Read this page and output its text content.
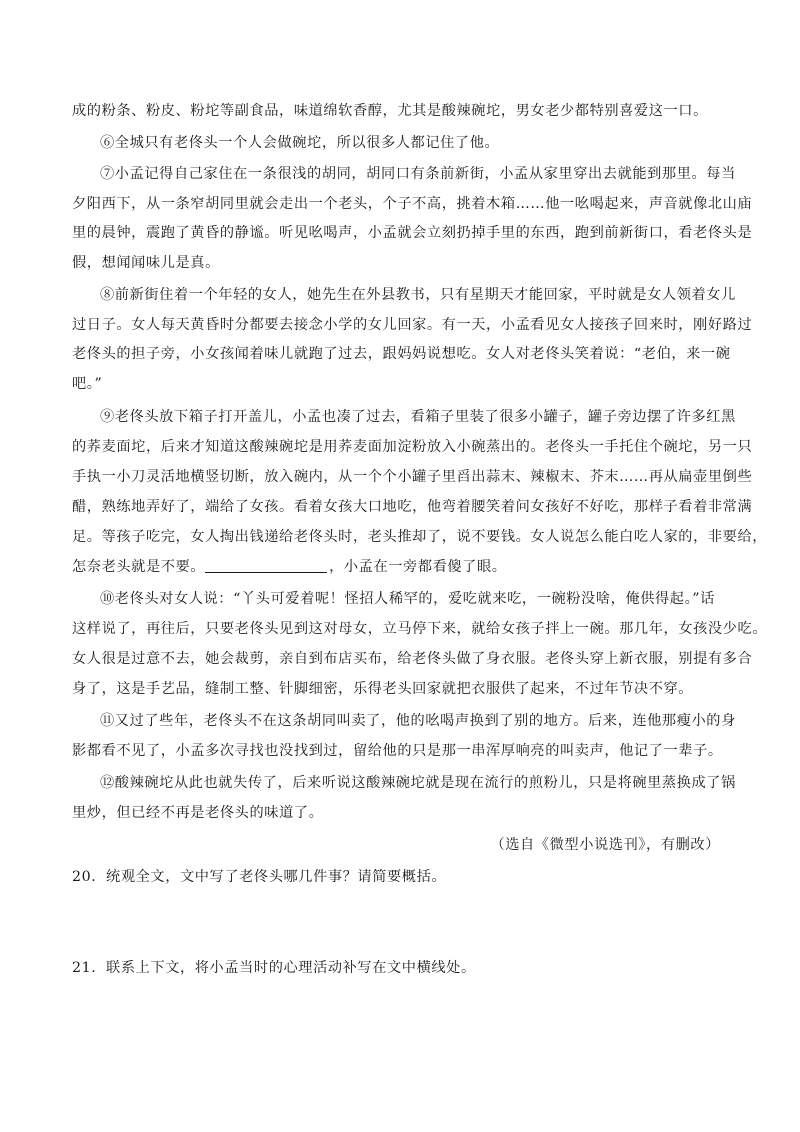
成的粉条、粉皮、粉坨等副食品，味道绵软香醇，尤其是酸辣碗坨，男女老少都特别喜爱这一口。
⑥全城只有老佟头一个人会做碗坨，所以很多人都记住了他。
⑦小孟记得自己家住在一条很浅的胡同，胡同口有条前新街，小孟从家里穿出去就能到那里。每当
夕阳西下，从一条窄胡同里就会走出一个老头，个子不高，挑着木箱……他一吆喝起来，声音就像北山庙
里的晨钟，震跑了黄昏的静谧。听见吆喝声，小孟就会立刻扔掉手里的东西，跑到前新街口，看老佟头是
假，想闻闻味儿是真。
⑧前新街住着一个年轻的女人，她先生在外县教书，只有星期天才能回家，平时就是女人领着女儿
过日子。女人每天黄昏时分都要去接念小学的女儿回家。有一天，小孟看见女人接孩子回来时，刚好路过
老佟头的担子旁，小女孩闻着味儿就跑了过去，跟妈妈说想吃。女人对老佟头笑着说：“老伯，来一碗
吧。”
⑨老佟头放下箱子打开盖儿，小孟也凑了过去，看箱子里装了很多小罐子，罐子旁边摆了许多红黑
的荞麦面坨，后来才知道这酸辣碗坨是用荞麦面加淀粉放入小碗蒸出的。老佟头一手托住个碗坨，另一只
手执一小刀灵活地横竖切断，放入碗内，从一个个小罐子里舀出蒜末、辣椒末、芥末……再从扁壶里倒些
醋，熟练地弄好了，端给了女孩。看着女孩大口地吃，他弯着腰笑着问女孩好不好吃，那样子看着非常满
足。等孩子吃完，女人掏出钱递给老佟头时，老头推却了，说不要钱。女人说怎么能白吃人家的，非要给，
怎奈老头就是不要。	，小孟在一旁都看傻了眼。
⑩老佟头对女人说：“丫头可爱着呢！怪招人稀罕的，爱吃就来吃，一碗粉没啥，俺供得起。”话
这样说了，再往后，只要老佟头见到这对母女，立马停下来，就给女孩子拌上一碗。那几年，女孩没少吃。
女人很是过意不去，她会裁剪，亲自到布店买布，给老佟头做了身衣服。老佟头穿上新衣服，别提有多合
身了，这是手艺品，缝制工整、针脚细密，乐得老头回家就把衣服供了起来，不过年节决不穿。
⑪又过了些年，老佟头不在这条胡同叫卖了，他的吆喝声换到了别的地方。后来，连他那瘦小的身
影都看不见了，小孟多次寻找也没找到过，留给他的只是那一串浑厚响亮的叫卖声，他记了一辈子。
⑫酸辣碗坨从此也就失传了，后来听说这酸辣碗坨就是现在流行的煎粉儿，只是将碗里蒸换成了锅
里炒，但已经不再是老佟头的味道了。
（选自《微型小说选刊》，有删改）
20．统观全文，文中写了老佟头哪几件事？请简要概括。
21．联系上下文，将小孟当时的心理活动补写在文中横线处。
